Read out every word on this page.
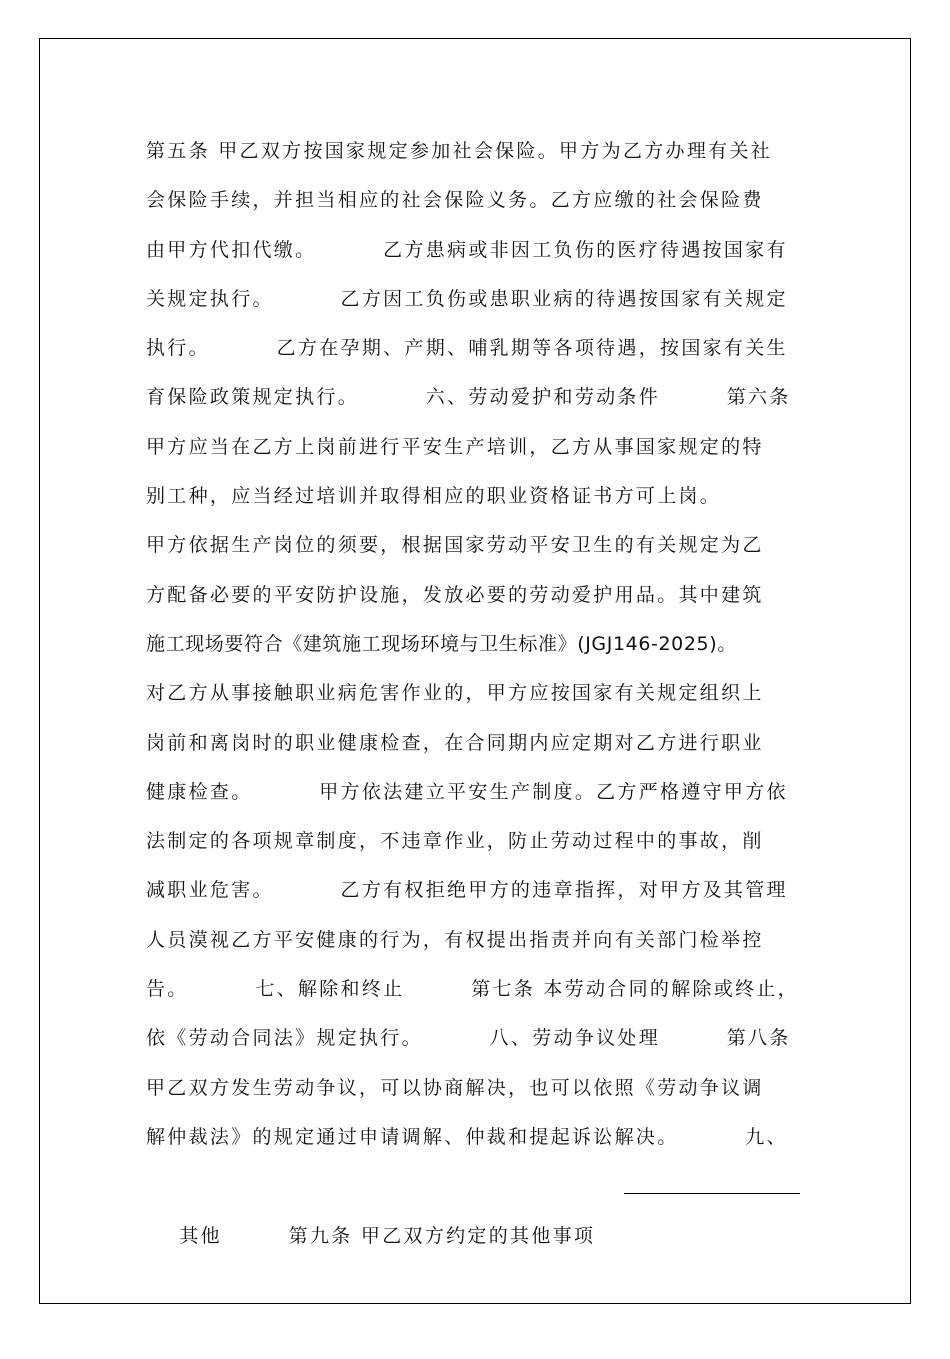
第五条 甲乙双方按国家规定参加社会保险。甲方为乙方办理有关社
会保险手续，并担当相应的社会保险义务。乙方应缴的社会保险费
由甲方代扣代缴。        乙方患病或非因工负伤的医疗待遇按国家有
关规定执行。        乙方因工负伤或患职业病的待遇按国家有关规定
执行。        乙方在孕期、产期、哺乳期等各项待遇，按国家有关生
育保险政策规定执行。        六、劳动爱护和劳动条件        第六条
甲方应当在乙方上岗前进行平安生产培训，乙方从事国家规定的特
别工种，应当经过培训并取得相应的职业资格证书方可上岗。
甲方依据生产岗位的须要，根据国家劳动平安卫生的有关规定为乙
方配备必要的平安防护设施，发放必要的劳动爱护用品。其中建筑
施工现场要符合《建筑施工现场环境与卫生标准》(JGJ146-2025)。
对乙方从事接触职业病危害作业的，甲方应按国家有关规定组织上
岗前和离岗时的职业健康检查，在合同期内应定期对乙方进行职业
健康检查。        甲方依法建立平安生产制度。乙方严格遵守甲方依
法制定的各项规章制度，不违章作业，防止劳动过程中的事故，削
减职业危害。        乙方有权拒绝甲方的违章指挥，对甲方及其管理
人员漠视乙方平安健康的行为，有权提出指责并向有关部门检举控
告。        七、解除和终止        第七条 本劳动合同的解除或终止，
依《劳动合同法》规定执行。        八、劳动争议处理        第八条
甲乙双方发生劳动争议，可以协商解决，也可以依照《劳动争议调
解仲裁法》的规定通过申请调解、仲裁和提起诉讼解决。        九、

其他        第九条 甲乙双方约定的其他事项
